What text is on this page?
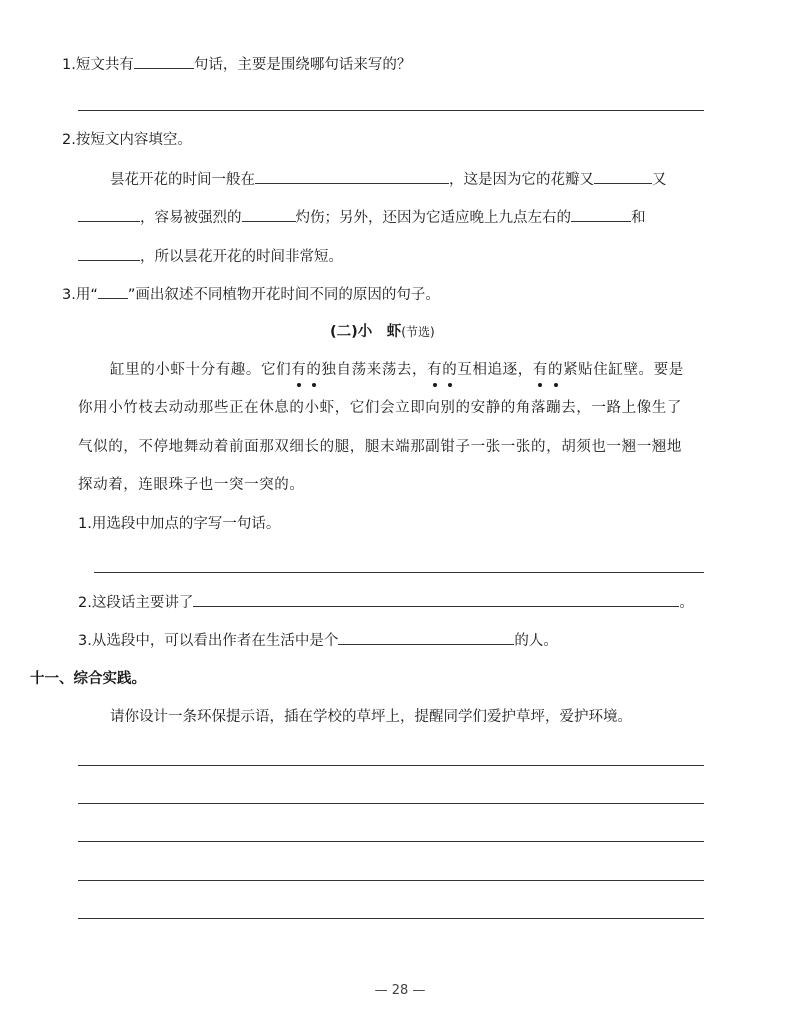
1.短文共有	句话，主要是围绕哪句话来写的？
2.按短文内容填空。
昙花开花的时间一般在	，这是因为它的花瓣又	又
，容易被强烈的	灼伤；另外，还因为它适应晚上九点左右的	和
，所以昙花开花的时间非常短。
3.用“ ”画出叙述不同植物开花时间不同的原因的句子。
(二)小　虾(节选)
缸里的小虾十分有趣。它们有的独自荡来荡去，有的互相追逐，有的紧贴住缸壁。要是
你用小竹枝去动动那些正在休息的小虾，它们会立即向别的安静的角落蹦去，一路上像生了
气似的，不停地舞动着前面那双细长的腿，腿末端那副钳子一张一张的，胡须也一翘一翘地
探动着，连眼珠子也一突一突的。
1.用选段中加点的字写一句话。
2.这段话主要讲了	。
3.从选段中，可以看出作者在生活中是个	的人。
十一、综合实践。
请你设计一条环保提示语，插在学校的草坪上，提醒同学们爱护草坪，爱护环境。
— 28 —
